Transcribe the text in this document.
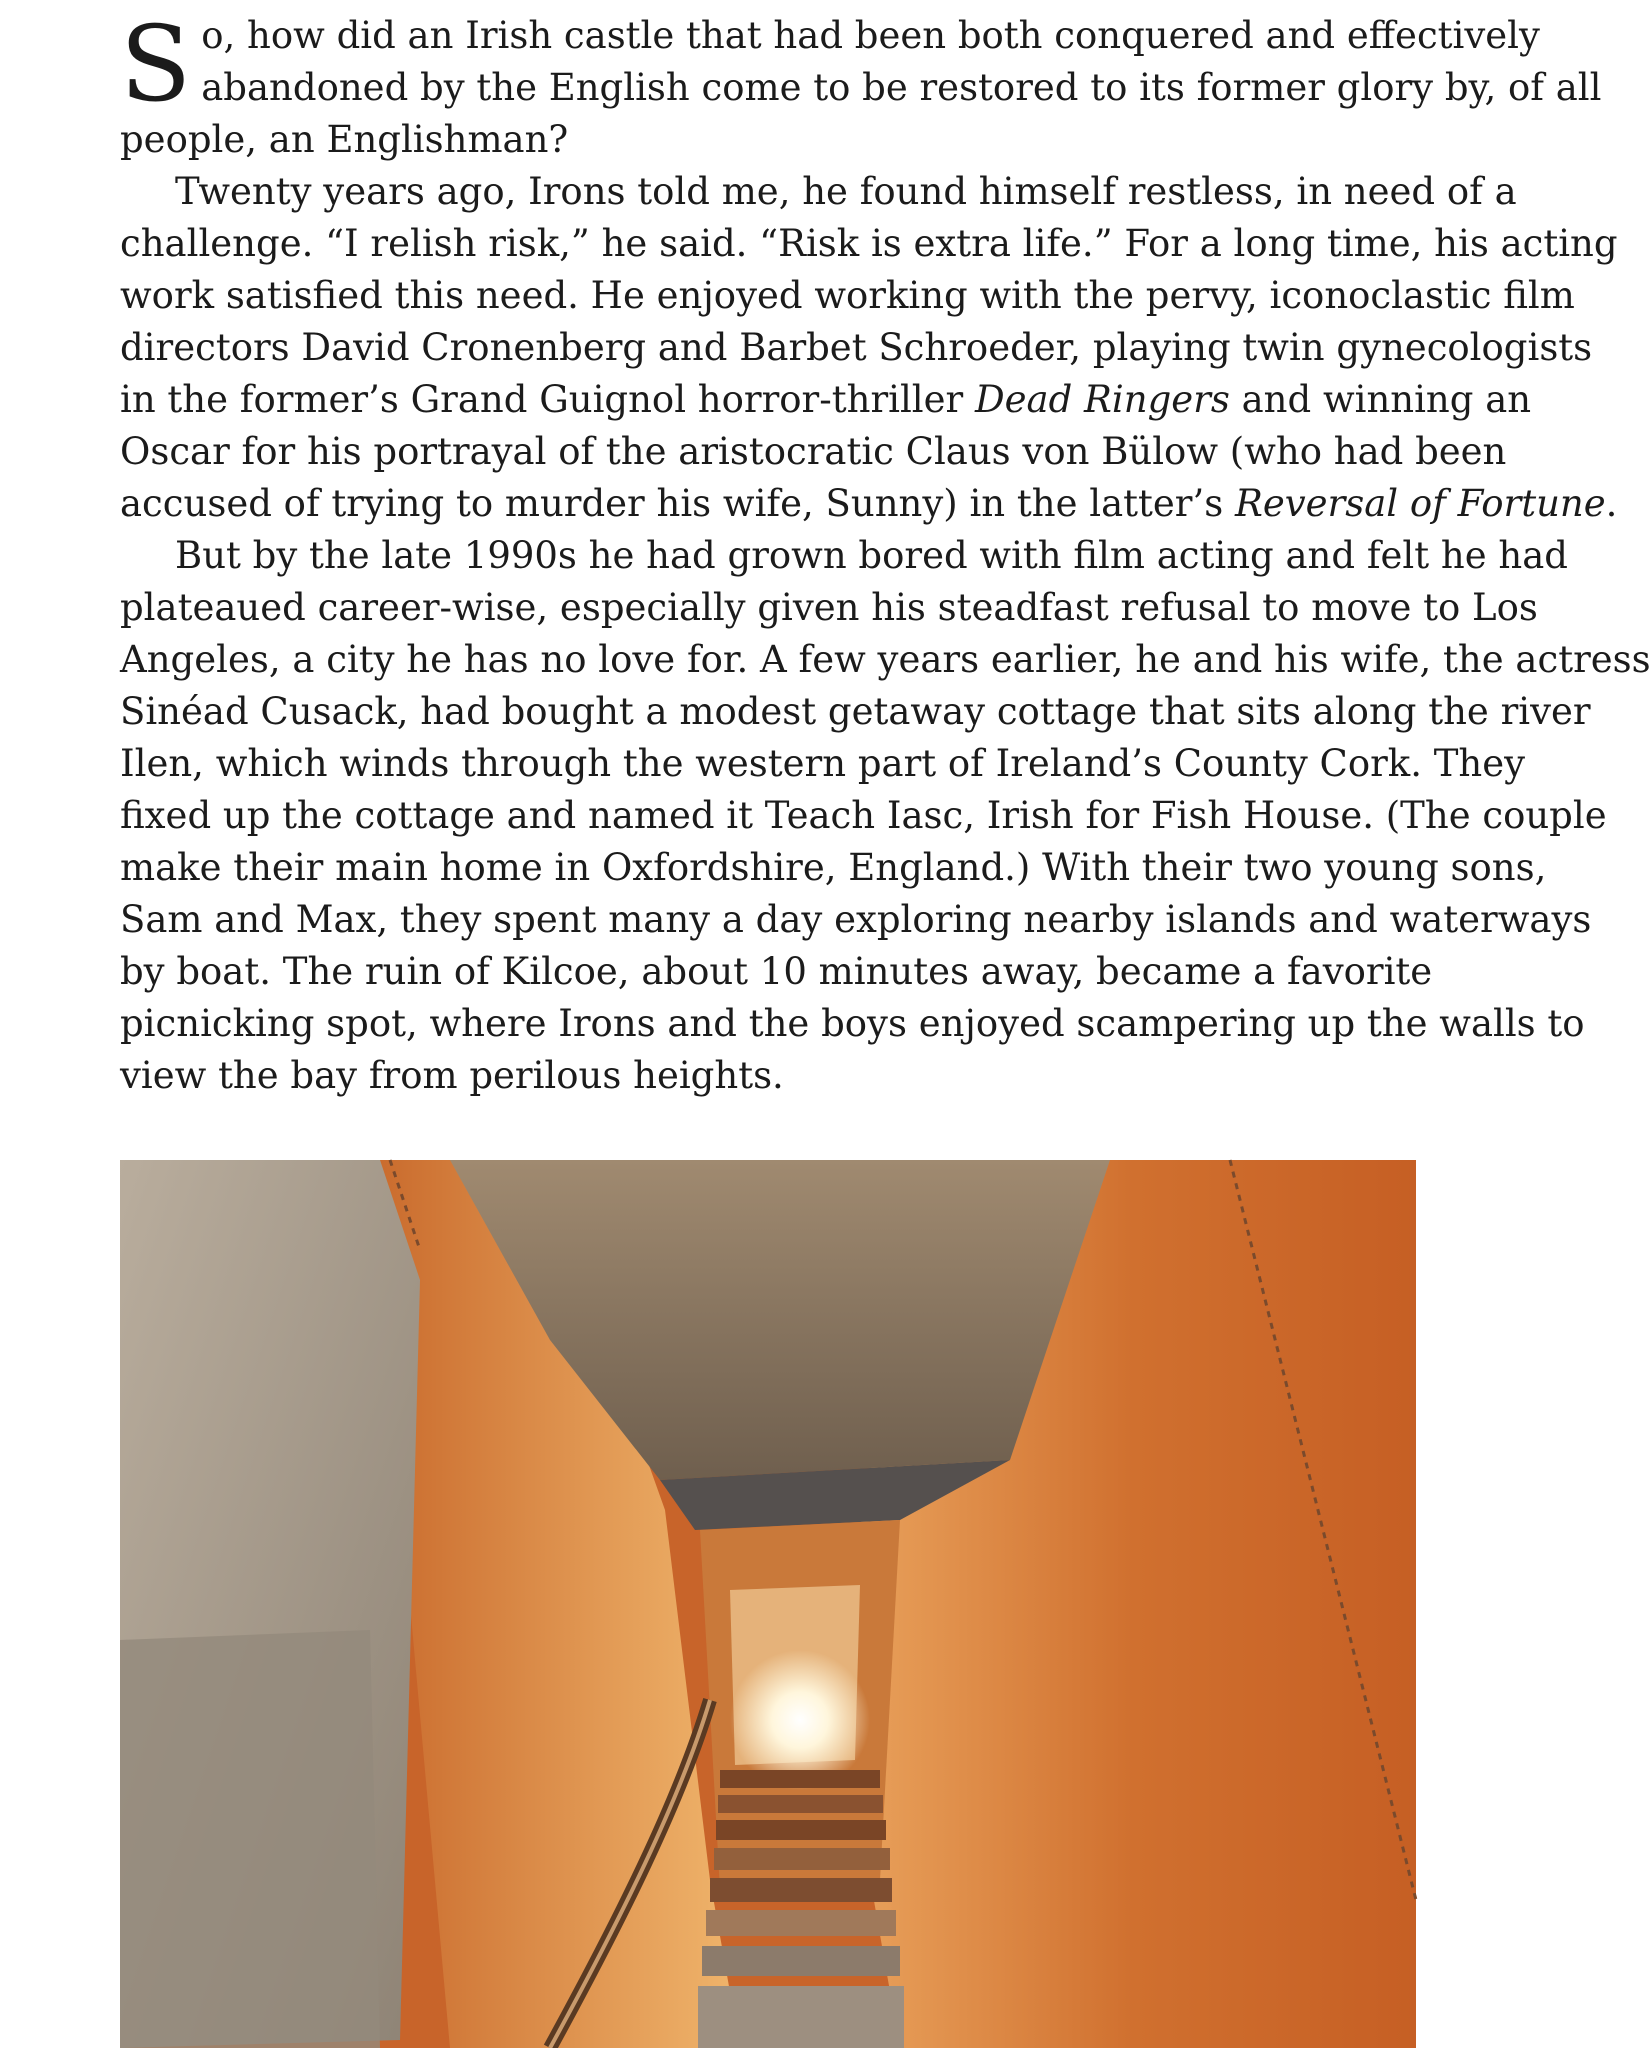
S o, how did an Irish castle that had been both conquered and effectively
abandoned by the English come to be restored to its former glory by, of all
people, an Englishman?

Twenty years ago, Irons told me, he found himself restless, in need of a
challenge. “I relish risk,” he said. “Risk is extra life.” For a long time, his acting
work satisfied this need. He enjoyed working with the pervy, iconoclastic film
directors David Cronenberg and Barbet Schroeder, playing twin gynecologists
in the former’s Grand Guignol horror-thriller Dead Ringers and winning an
Oscar for his portrayal of the aristocratic Claus von Bülow (who had been
accused of trying to murder his wife, Sunny) in the latter’s Reversal of Fortune.

But by the late 1990s he had grown bored with film acting and felt he had
plateaued career-wise, especially given his steadfast refusal to move to Los
Angeles, a city he has no love for. A few years earlier, he and his wife, the actress
Sinéad Cusack, had bought a modest getaway cottage that sits along the river
Ilen, which winds through the western part of Ireland’s County Cork. They
fixed up the cottage and named it Teach Iasc, Irish for Fish House. (The couple
make their main home in Oxfordshire, England.) With their two young sons,
Sam and Max, they spent many a day exploring nearby islands and waterways
by boat. The ruin of Kilcoe, about 10 minutes away, became a favorite
picnicking spot, where Irons and the boys enjoyed scampering up the walls to
view the bay from perilous heights.
